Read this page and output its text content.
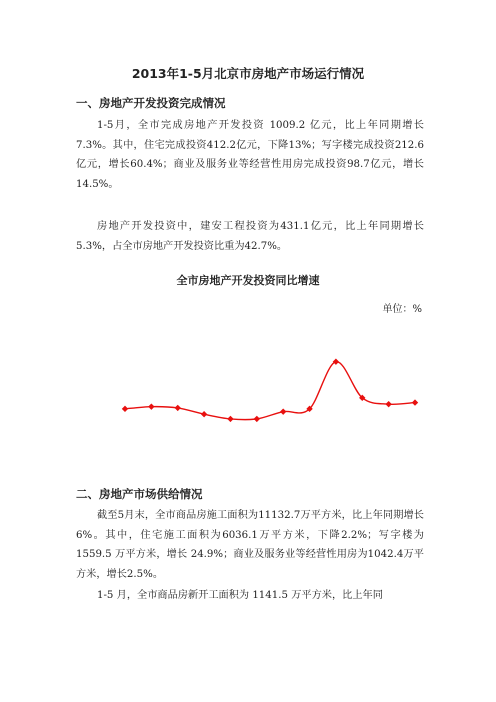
2013年1-5月北京市房地产市场运行情况
一、房地产开发投资完成情况
1-5月，全市完成房地产开发投资 1009.2 亿元，比上年同期增长7.3%。其中，住宅完成投资412.2亿元，下降13%；写字楼完成投资212.6亿元，增长60.4%；商业及服务业等经营性用房完成投资98.7亿元，增长14.5%。
房地产开发投资中，建安工程投资为431.1亿元，比上年同期增长5.3%，占全市房地产开发投资比重为42.7%。
全市房地产开发投资同比增速
单位：%
二、房地产市场供给情况
截至5月末，全市商品房施工面积为11132.7万平方米，比上年同期增长6%。其中，住宅施工面积为6036.1万平方米，下降2.2%；写字楼为 1559.5 万平方米，增长 24.9%；商业及服务业等经营性用房为1042.4万平方米，增长2.5%。
1-5 月，全市商品房新开工面积为 1141.5 万平方米，比上年同
